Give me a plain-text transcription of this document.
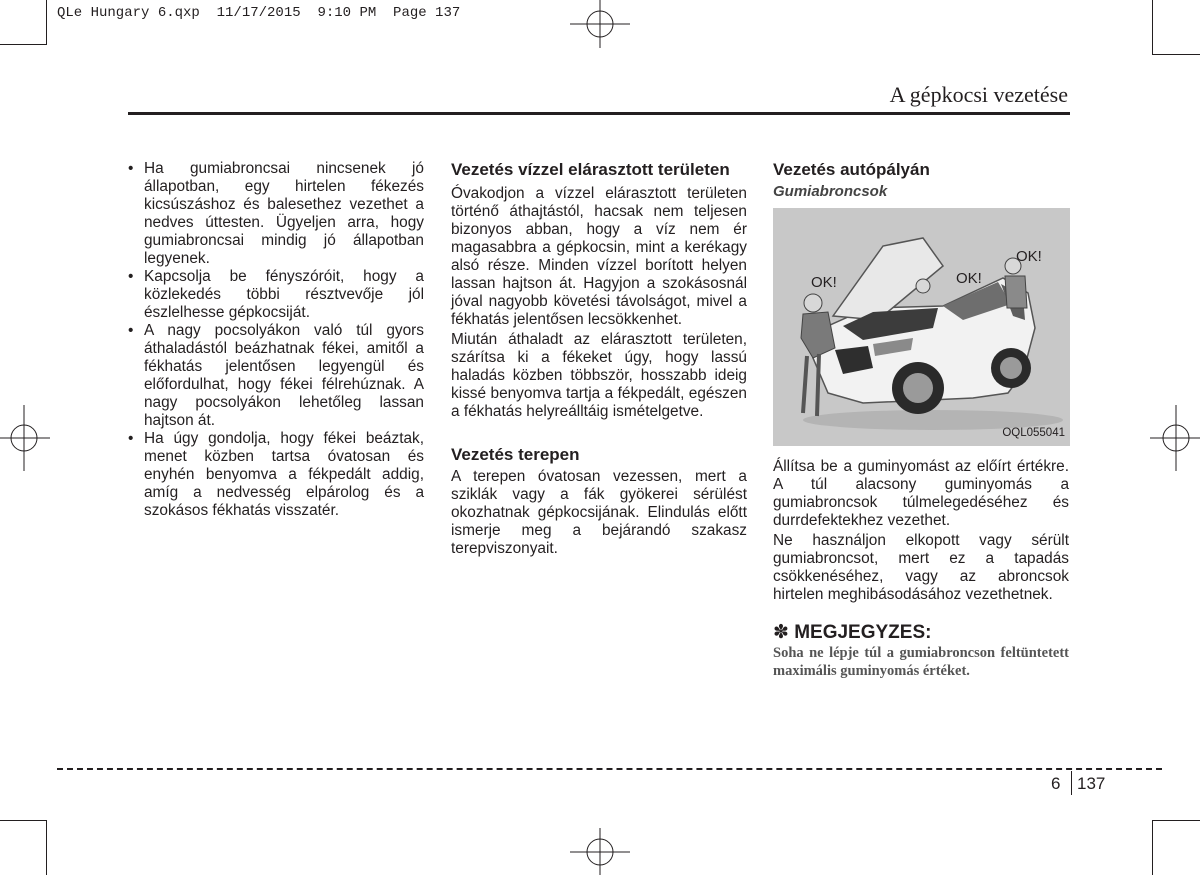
QLe Hungary 6.qxp  11/17/2015  9:10 PM  Page 137
A gépkocsi vezetése
• Ha gumiabroncsai nincsenek jó állapotban, egy hirtelen fékezés kicsúszáshoz és balesethez vezethet a nedves úttesten. Ügyeljen arra, hogy gumiabroncsai mindig jó állapotban legyenek.
• Kapcsolja be fényszóróit, hogy a közlekedés többi résztvevője jól észlelhesse gépkocsiját.
• A nagy pocsolyákon való túl gyors áthaladástól beázhatnak fékei, amitől a fékhatás jelentősen legyengül és előfordulhat, hogy fékei félrehúznak. A nagy pocsolyákon lehetőleg lassan hajtson át.
• Ha úgy gondolja, hogy fékei beáztak, menet közben tartsa óvatosan és enyhén benyomva a fékpedált addig, amíg a nedvesség elpárolog és a szokásos fékhatás visszatér.
Vezetés vízzel elárasztott területen

Óvakodjon a vízzel elárasztott területen történő áthajtástól, hacsak nem teljesen bizonyos abban, hogy a víz nem ér magasabbra a gépkocsin, mint a kerékagy alsó része. Minden vízzel borított helyen lassan hajtson át. Hagyjon a szokásosnál jóval nagyobb követési távolságot, mivel a fékhatás jelentősen lecsökkenhet.

Miután áthaladt az elárasztott területen, szárítsa ki a fékeket úgy, hogy lassú haladás közben többször, hosszabb ideig kissé benyomva tartja a fékpedált, egészen a fékhatás helyreálltáig ismételgetve.

Vezetés terepen

A terepen óvatosan vezessen, mert a sziklák vagy a fák gyökerei sérülést okozhatnak gépkocsijának. Elindulás előtt ismerje meg a bejárandó szakasz terepviszonyait.

Vezetés autópályán
Gumiabroncsok
OK!	OK!
OK!
OQL055041

Állítsa be a guminyomást az előírt értékre. A túl alacsony guminyomás a gumiabroncsok túlmelegedéséhez és durrdefektekhez vezethet.

Ne használjon elkopott vagy sérült gumiabroncsot, mert ez a tapadás csökkenéséhez, vagy az abroncsok hirtelen meghibásodásához vezethetnek.

✽ MEGJEGYZES:
Soha ne lépje túl a gumiabroncson feltüntetett maximális guminyomás értéket.
6 137
